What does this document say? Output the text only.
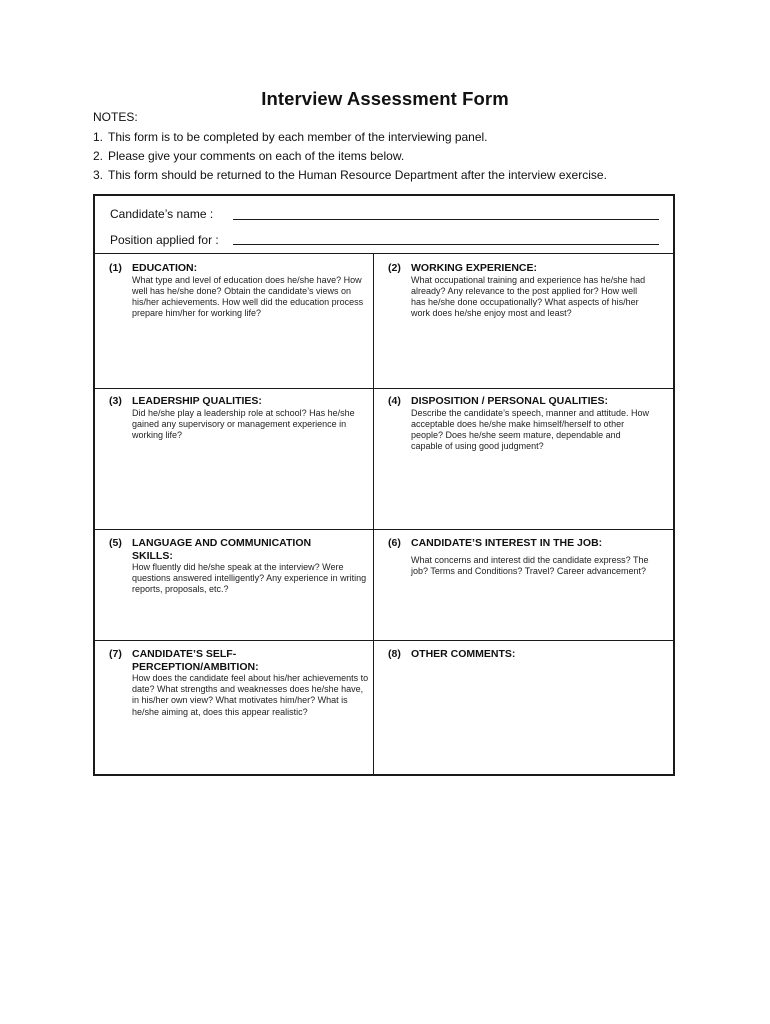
Interview Assessment Form
NOTES:
1. This form is to be completed by each member of the interviewing panel.
2. Please give your comments on each of the items below.
3. This form should be returned to the Human Resource Department after the interview exercise.
Candidate’s name :
Position applied for :
(1) EDUCATION:
What type and level of education does he/she have? How well has he/she done? Obtain the candidate’s views on his/her achievements. How well did the education process prepare him/her for working life?
(2) WORKING EXPERIENCE:
What occupational training and experience has he/she had already? Any relevance to the post applied for? How well has he/she done occupationally? What aspects of his/her work does he/she enjoy most and least?
(3) LEADERSHIP QUALITIES:
Did he/she play a leadership role at school? Has he/she gained any supervisory or management experience in working life?
(4) DISPOSITION / PERSONAL QUALITIES:
Describe the candidate’s speech, manner and attitude. How acceptable does he/she make himself/herself to other people? Does he/she seem mature, dependable and capable of using good judgment?
(5) LANGUAGE AND COMMUNICATION SKILLS:
How fluently did he/she speak at the interview? Were questions answered intelligently? Any experience in writing reports, proposals, etc.?
(6) CANDIDATE’S INTEREST IN THE JOB:
What concerns and interest did the candidate express? The job? Terms and Conditions? Travel? Career advancement?
(7) CANDIDATE’S SELF-PERCEPTION/AMBITION:
How does the candidate feel about his/her achievements to date? What strengths and weaknesses does he/she have, in his/her own view? What motivates him/her? What is he/she aiming at, does this appear realistic?
(8) OTHER COMMENTS:
